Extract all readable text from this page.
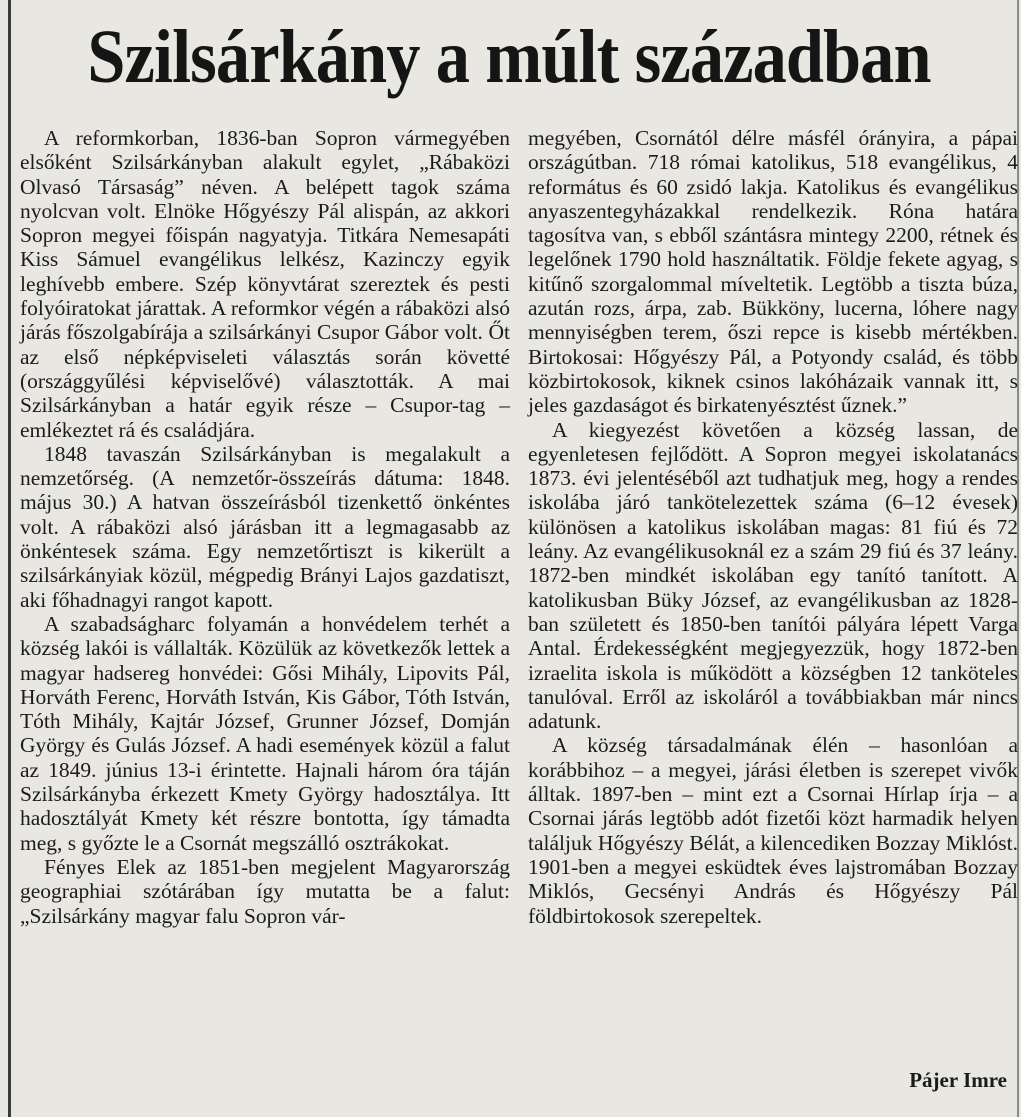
Szilsárkány a múlt században

A reformkorban, 1836-ban Sopron vármegyében elsőként Szilsárkányban alakult egylet, „Rábaközi Olvasó Társaság” néven. A belépett tagok száma nyolcvan volt. Elnöke Hőgyészy Pál alispán, az akkori Sopron megyei főispán nagyatyja. Titkára Nemesapáti Kiss Sámuel evangélikus lelkész, Kazinczy egyik leghívebb embere. Szép könyvtárat szereztek és pesti folyóiratokat járattak. A reformkor végén a rábaközi alsó járás főszolgabírája a szilsárkányi Csupor Gábor volt. Őt az első népképviseleti választás során követté (országgyűlési képviselővé) választották. A mai Szilsárkányban a határ egyik része – Csupor-tag – emlékeztet rá és családjára.

1848 tavaszán Szilsárkányban is megalakult a nemzetőrség. (A nemzetőr-összeírás dátuma: 1848. május 30.) A hatvan összeírásból tizenkettő önkéntes volt. A rábaközi alsó járásban itt a legmagasabb az önkéntesek száma. Egy nemzetőrtiszt is kikerült a szilsárkányiak közül, mégpedig Brányi Lajos gazdatiszt, aki főhadnagyi rangot kapott.

A szabadságharc folyamán a honvédelem terhét a község lakói is vállalták. Közülük az következők lettek a magyar hadsereg honvédei: Gősi Mihály, Lipovits Pál, Horváth Ferenc, Horváth István, Kis Gábor, Tóth István, Tóth Mihály, Kajtár József, Grunner József, Domján György és Gulás József. A hadi események közül a falut az 1849. június 13-i érintette. Hajnali három óra táján Szilsárkányba érkezett Kmety György hadosztálya. Itt hadosztályát Kmety két részre bontotta, így támadta meg, s győzte le a Csornát megszálló osztrákokat.

Fényes Elek az 1851-ben megjelent Magyarország geographiai szótárában így mutatta be a falut: „Szilsárkány magyar falu Sopron vár-

megyében, Csornától délre másfél órányira, a pápai országútban. 718 római katolikus, 518 evangélikus, 4 református és 60 zsidó lakja. Katolikus és evangélikus anyaszentegyházakkal rendelkezik. Róna határa tagosítva van, s ebből szántásra mintegy 2200, rétnek és legelőnek 1790 hold használtatik. Földje fekete agyag, s kitűnő szorgalommal míveltetik. Legtöbb a tiszta búza, azután rozs, árpa, zab. Bükköny, lucerna, lóhere nagy mennyiségben terem, őszi repce is kisebb mértékben. Birtokosai: Hőgyészy Pál, a Potyondy család, és több közbirtokosok, kiknek csinos lakóházaik vannak itt, s jeles gazdaságot és birkatenyésztést űznek.”

A kiegyezést követően a község lassan, de egyenletesen fejlődött. A Sopron megyei iskolatanács 1873. évi jelentéséből azt tudhatjuk meg, hogy a rendes iskolába járó tankötelezettek száma (6–12 évesek) különösen a katolikus iskolában magas: 81 fiú és 72 leány. Az evangélikusoknál ez a szám 29 fiú és 37 leány. 1872-ben mindkét iskolában egy tanító tanított. A katolikusban Büky József, az evangélikusban az 1828-ban született és 1850-ben tanítói pályára lépett Varga Antal. Érdekességként megjegyezzük, hogy 1872-ben izraelita iskola is működött a községben 12 tanköteles tanulóval. Erről az iskoláról a továbbiakban már nincs adatunk.

A község társadalmának élén – hasonlóan a korábbihoz – a megyei, járási életben is szerepet vivők álltak. 1897-ben – mint ezt a Csornai Hírlap írja – a Csornai járás legtöbb adót fizetői közt harmadik helyen találjuk Hőgyészy Bélát, a kilencediken Bozzay Miklóst. 1901-ben a megyei esküdtek éves lajstromában Bozzay Miklós, Gecsényi András és Hőgyészy Pál földbirtokosok szerepeltek.

Pájer Imre
